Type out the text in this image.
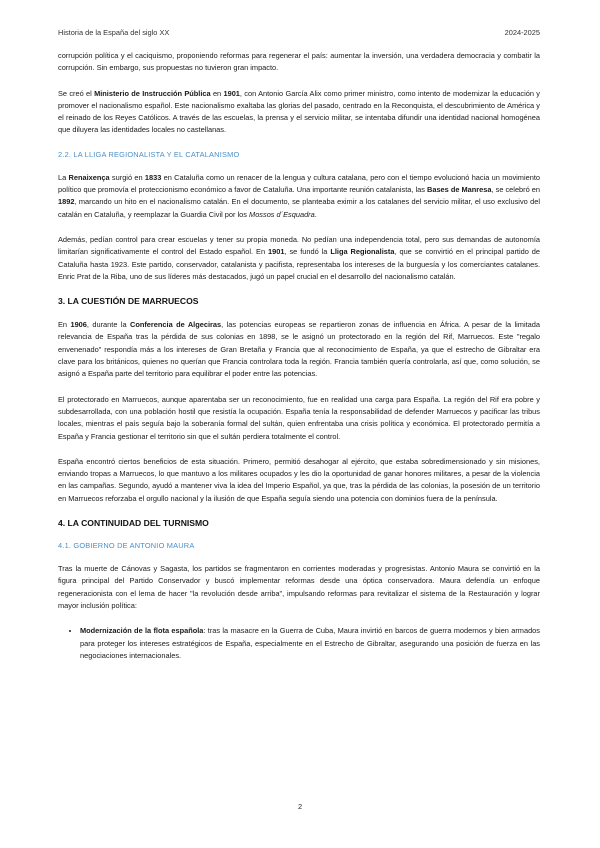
Historia de la España del siglo XX	2024-2025

corrupción política y el caciquismo, proponiendo reformas para regenerar el país: aumentar la inversión, una verdadera democracia y combatir la corrupción. Sin embargo, sus propuestas no tuvieron gran impacto.

Se creó el Ministerio de Instrucción Pública en 1901, con Antonio García Alix como primer ministro, como intento de modernizar la educación y promover el nacionalismo español. Este nacionalismo exaltaba las glorias del pasado, centrado en la Reconquista, el descubrimiento de América y el reinado de los Reyes Católicos. A través de las escuelas, la prensa y el servicio militar, se intentaba difundir una identidad nacional homogénea que diluyera las identidades locales no castellanas.

2.2. LA LLIGA REGIONALISTA Y EL CATALANISMO

La Renaixença surgió en 1833 en Cataluña como un renacer de la lengua y cultura catalana, pero con el tiempo evolucionó hacia un movimiento político que promovía el proteccionismo económico a favor de Cataluña. Una importante reunión catalanista, las Bases de Manresa, se celebró en 1892, marcando un hito en el nacionalismo catalán. En el documento, se planteaba eximir a los catalanes del servicio militar, el uso exclusivo del catalán en Cataluña, y reemplazar la Guardia Civil por los Mossos d´Esquadra.

Además, pedían control para crear escuelas y tener su propia moneda. No pedían una independencia total, pero sus demandas de autonomía limitarían significativamente el control del Estado español. En 1901, se fundó la Lliga Regionalista, que se convirtió en el principal partido de Cataluña hasta 1923. Este partido, conservador, catalanista y pacifista, representaba los intereses de la burguesía y los comerciantes catalanes. Enric Prat de la Riba, uno de sus líderes más destacados, jugó un papel crucial en el desarrollo del nacionalismo catalán.

3. LA CUESTIÓN DE MARRUECOS

En 1906, durante la Conferencia de Algeciras, las potencias europeas se repartieron zonas de influencia en África. A pesar de la limitada relevancia de España tras la pérdida de sus colonias en 1898, se le asignó un protectorado en la región del Rif, Marruecos. Este "regalo envenenado" respondía más a los intereses de Gran Bretaña y Francia que al reconocimiento de España, ya que el estrecho de Gibraltar era clave para los británicos, quienes no querían que Francia controlara toda la región. Francia también quería controlarla, así que, como solución, se asignó a España parte del territorio para equilibrar el poder entre las potencias.

El protectorado en Marruecos, aunque aparentaba ser un reconocimiento, fue en realidad una carga para España. La región del Rif era pobre y subdesarrollada, con una población hostil que resistía la ocupación. España tenía la responsabilidad de defender Marruecos y pacificar las tribus locales, mientras el país seguía bajo la soberanía formal del sultán, quien enfrentaba una crisis política y económica. El protectorado permitía a España y Francia gestionar el territorio sin que el sultán perdiera totalmente el control.

España encontró ciertos beneficios de esta situación. Primero, permitió desahogar al ejército, que estaba sobredimensionado y sin misiones, enviando tropas a Marruecos, lo que mantuvo a los militares ocupados y les dio la oportunidad de ganar honores militares, a pesar de la violencia en las campañas. Segundo, ayudó a mantener viva la idea del Imperio Español, ya que, tras la pérdida de las colonias, la posesión de un territorio en Marruecos reforzaba el orgullo nacional y la ilusión de que España seguía siendo una potencia con dominios fuera de la península.

4. LA CONTINUIDAD DEL TURNISMO
4.1. GOBIERNO DE ANTONIO MAURA

Tras la muerte de Cánovas y Sagasta, los partidos se fragmentaron en corrientes moderadas y progresistas. Antonio Maura se convirtió en la figura principal del Partido Conservador y buscó implementar reformas desde una óptica conservadora. Maura defendía un enfoque regeneracionista con el lema de hacer "la revolución desde arriba", impulsando reformas para revitalizar el sistema de la Restauración y lograr mayor inclusión política:

• Modernización de la flota española: tras la masacre en la Guerra de Cuba, Maura invirtió en barcos de guerra modernos y bien armados para proteger los intereses estratégicos de España, especialmente en el Estrecho de Gibraltar, asegurando una posición de fuerza en las negociaciones internacionales.
2
